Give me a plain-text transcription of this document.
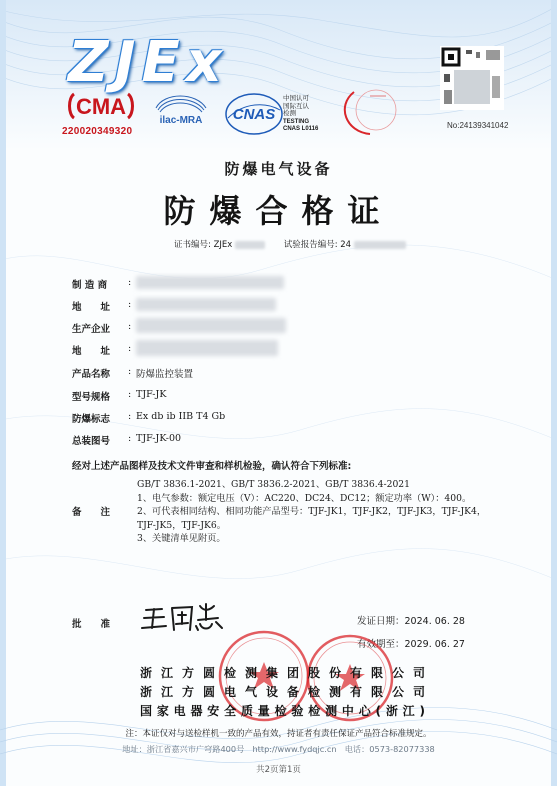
ZJEx
CMA
220020349320
ilac-MRA CNAS
中国认可
国际互认
检测
TESTING
CNAS L0116	No:24139341042
防爆电气设备
防爆合格证
证书编号: ZJEx	试验报告编号: 24
制 造 商 :
地　　址 :
生产企业 :
地　　址 :
产品名称 : 防爆监控装置
型号规格 : TJF-JK
防爆标志 : Ex db ib IIB T4 Gb
总装图号 : TJF-JK-00
经对上述产品图样及技术文件审查和样机检验，确认符合下列标准:
备　　注
GB/T 3836.1-2021、GB/T 3836.2-2021、GB/T 3836.4-2021
1、电气参数：额定电压（V）：AC220、DC24、DC12；额定功率（W）：400。
2、可代表相同结构、相同功能产品型号：TJF-JK1，TJF-JK2，TJF-JK3，TJF-JK4，TJF-JK5，TJF-JK6。
3、关键清单见附页。
批　　准	发证日期：2024. 06. 28
有效期至：2029. 06. 27
浙江方圆检测集团股份有限公司
浙江方圆电气设备检测有限公司
国家电器安全质量检验检测中心(浙江)
注：本证仅对与送检样机一致的产品有效，持证者有责任保证产品符合标准规定。
地址：浙江省嘉兴市广穹路400号　http://www.fydqjc.cn　电话：0573-82077338
共2页第1页
